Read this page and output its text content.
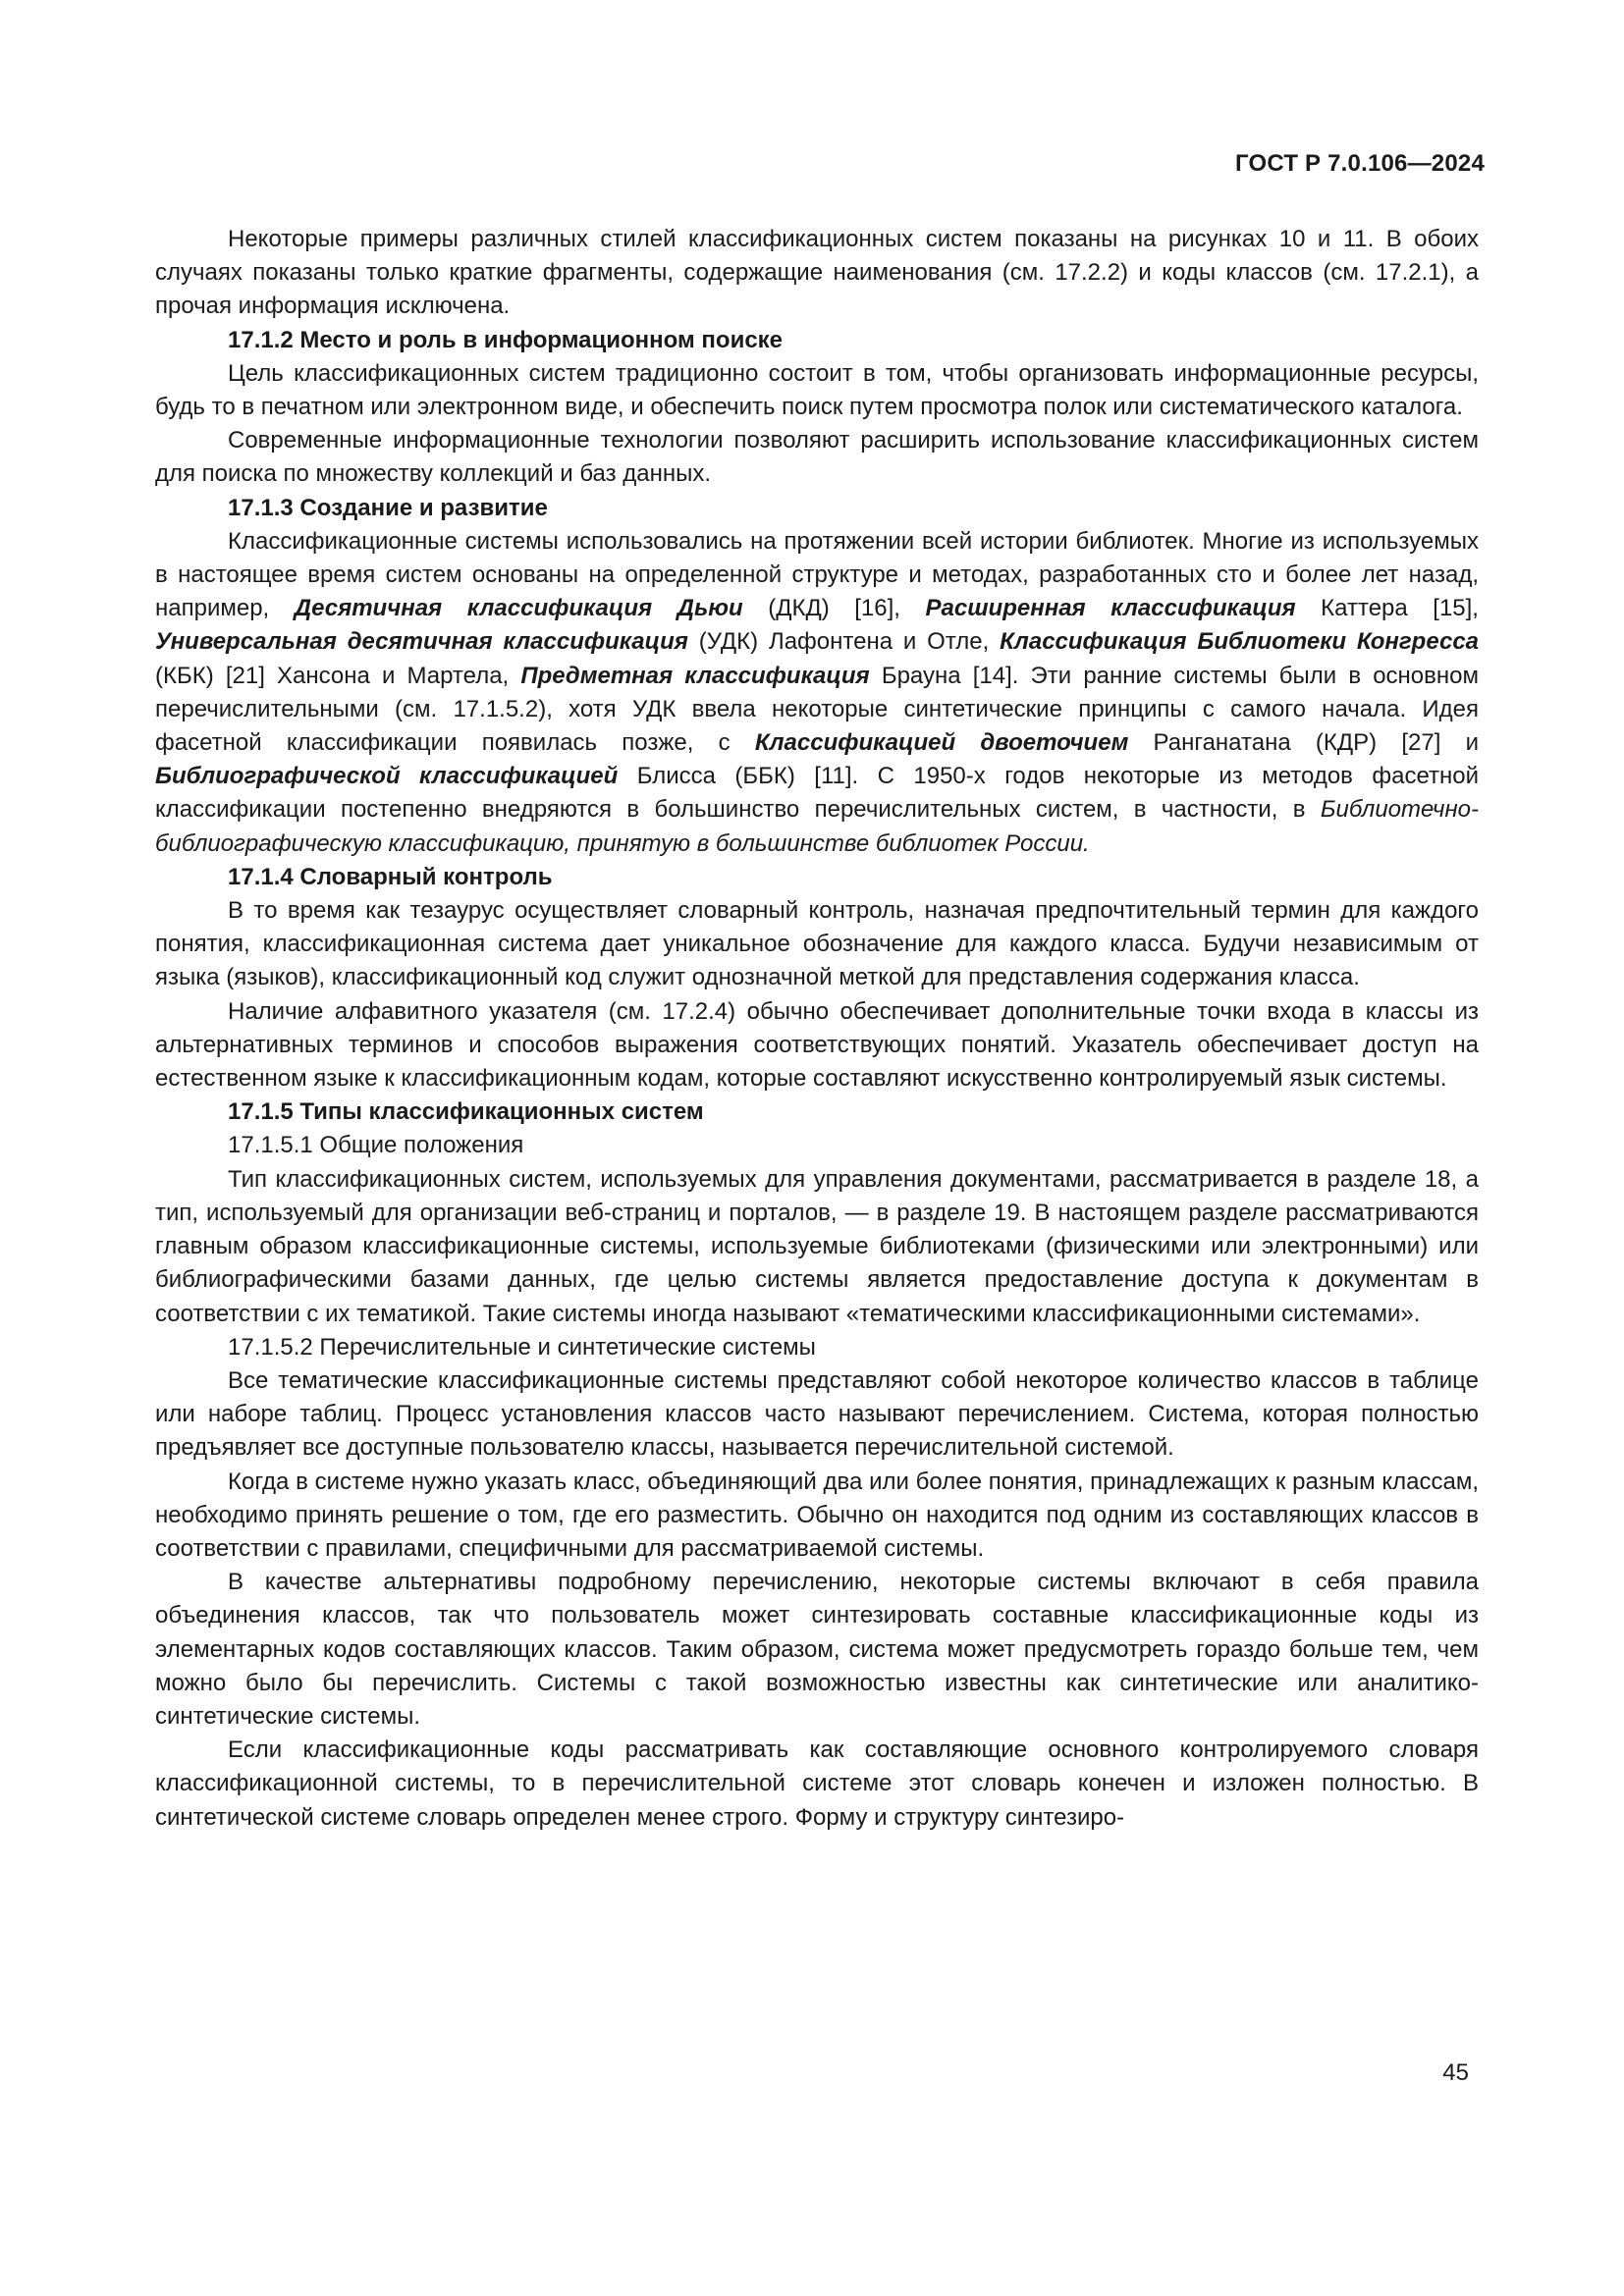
ГОСТ Р 7.0.106—2024

Некоторые примеры различных стилей классификационных систем показаны на рисунках 10 и 11. В обоих случаях показаны только краткие фрагменты, содержащие наименования (см. 17.2.2) и коды классов (см. 17.2.1), а прочая информация исключена.

17.1.2 Место и роль в информационном поиске

Цель классификационных систем традиционно состоит в том, чтобы организовать информационные ресурсы, будь то в печатном или электронном виде, и обеспечить поиск путем просмотра полок или систематического каталога.

Современные информационные технологии позволяют расширить использование классификационных систем для поиска по множеству коллекций и баз данных.

17.1.3 Создание и развитие

Классификационные системы использовались на протяжении всей истории библиотек. Многие из используемых в настоящее время систем основаны на определенной структуре и методах, разработанных сто и более лет назад, например, Десятичная классификация Дьюи (ДКД) [16], Расширенная классификация Каттера [15], Универсальная десятичная классификация (УДК) Лафонтена и Отле, Классификация Библиотеки Конгресса (КБК) [21] Хансона и Мартела, Предметная классификация Брауна [14]. Эти ранние системы были в основном перечислительными (см. 17.1.5.2), хотя УДК ввела некоторые синтетические принципы с самого начала. Идея фасетной классификации появилась позже, с Классификацией двоеточием Ранганатана (КДР) [27] и Библиографической классификацией Блисса (ББК) [11]. С 1950-х годов некоторые из методов фасетной классификации постепенно внедряются в большинство перечислительных систем, в частности, в Библиотечно-библиографическую классификацию, принятую в большинстве библиотек России.

17.1.4 Словарный контроль

В то время как тезаурус осуществляет словарный контроль, назначая предпочтительный термин для каждого понятия, классификационная система дает уникальное обозначение для каждого класса. Будучи независимым от языка (языков), классификационный код служит однозначной меткой для представления содержания класса.

Наличие алфавитного указателя (см. 17.2.4) обычно обеспечивает дополнительные точки входа в классы из альтернативных терминов и способов выражения соответствующих понятий. Указатель обеспечивает доступ на естественном языке к классификационным кодам, которые составляют искусственно контролируемый язык системы.

17.1.5 Типы классификационных систем
17.1.5.1 Общие положения

Тип классификационных систем, используемых для управления документами, рассматривается в разделе 18, а тип, используемый для организации веб-страниц и порталов, — в разделе 19. В настоящем разделе рассматриваются главным образом классификационные системы, используемые библиотеками (физическими или электронными) или библиографическими базами данных, где целью системы является предоставление доступа к документам в соответствии с их тематикой. Такие системы иногда называют «тематическими классификационными системами».

17.1.5.2 Перечислительные и синтетические системы

Все тематические классификационные системы представляют собой некоторое количество классов в таблице или наборе таблиц. Процесс установления классов часто называют перечислением. Система, которая полностью предъявляет все доступные пользователю классы, называется перечислительной системой.

Когда в системе нужно указать класс, объединяющий два или более понятия, принадлежащих к разным классам, необходимо принять решение о том, где его разместить. Обычно он находится под одним из составляющих классов в соответствии с правилами, специфичными для рассматриваемой системы.

В качестве альтернативы подробному перечислению, некоторые системы включают в себя правила объединения классов, так что пользователь может синтезировать составные классификационные коды из элементарных кодов составляющих классов. Таким образом, система может предусмотреть гораздо больше тем, чем можно было бы перечислить. Системы с такой возможностью известны как синтетические или аналитико-синтетические системы.

Если классификационные коды рассматривать как составляющие основного контролируемого словаря классификационной системы, то в перечислительной системе этот словарь конечен и изложен полностью. В синтетической системе словарь определен менее строго. Форму и структуру синтезиро-

45
